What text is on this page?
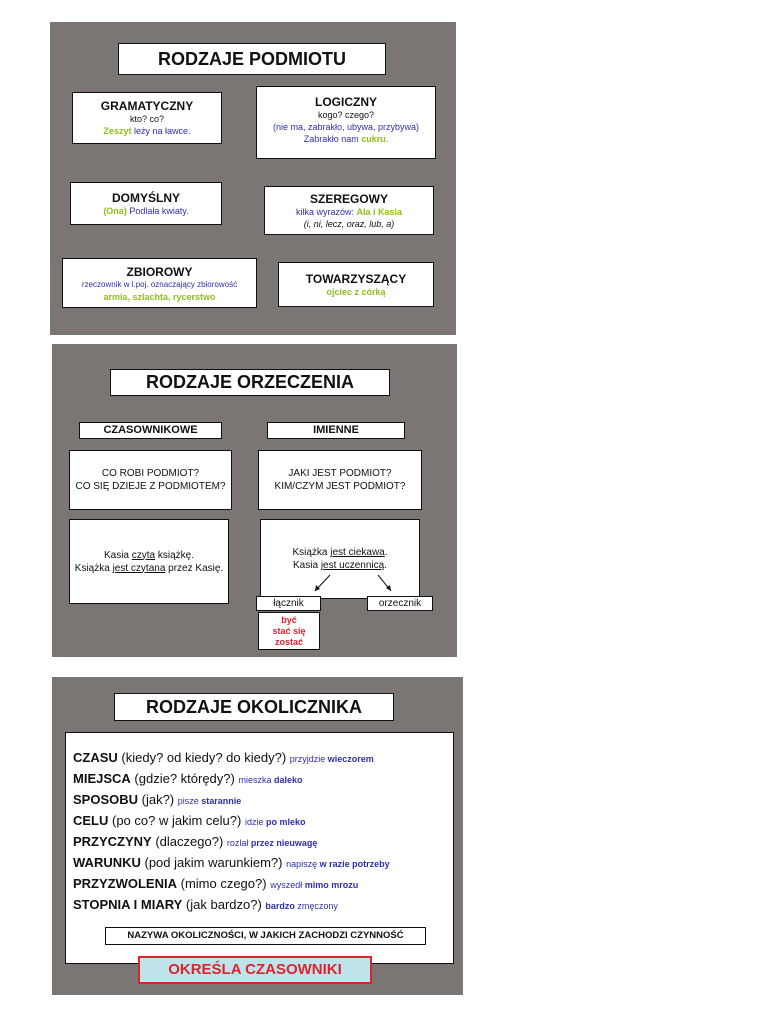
RODZAJE PODMIOTU
GRAMATYCZNY
kto? co?
Zeszyt leży na ławce.
LOGICZNY
kogo? czego?
(nie ma, zabrakło, ubywa, przybywa)
Zabrakło nam cukru.
DOMYŚLNY
(Ona) Podlała kwiaty.
SZEREGOWY
kilka wyrazów: Ala i Kasia
(i, ni, lecz, oraz, lub, a)
ZBIOROWY
rzeczownik w l.poj. oznaczający zbiorowość
armia, szlachta, rycerstwo
TOWARZYSZĄCY
ojciec z córką
RODZAJE ORZECZENIA
CZASOWNIKOWE	IMIENNE
CO ROBI PODMIOT?
CO SIĘ DZIEJE Z PODMIOTEM?
JAKI JEST PODMIOT?
KIM/CZYM JEST PODMIOT?
Kasia czyta książkę.
Książka jest czytana przez Kasię.
Książka jest ciekawa.
Kasia jest uczennicą.
łącznik	orzecznik
być
stać się
zostać
RODZAJE OKOLICZNIKA
CZASU (kiedy? od kiedy? do kiedy?) przyjdzie wieczorem
MIEJSCA (gdzie? którędy?) mieszka daleko
SPOSOBU (jak?) pisze starannie
CELU (po co? w jakim celu?) idzie po mleko
PRZYCZYNY (dlaczego?) rozlał przez nieuwagę
WARUNKU (pod jakim warunkiem?) napiszę w razie potrzeby
PRZYZWOLENIA (mimo czego?) wyszedł mimo mrozu
STOPNIA I MIARY (jak bardzo?) bardzo zmęczony
NAZYWA OKOLICZNOŚCI, W JAKICH ZACHODZI CZYNNOŚĆ
OKREŚLA CZASOWNIKI
